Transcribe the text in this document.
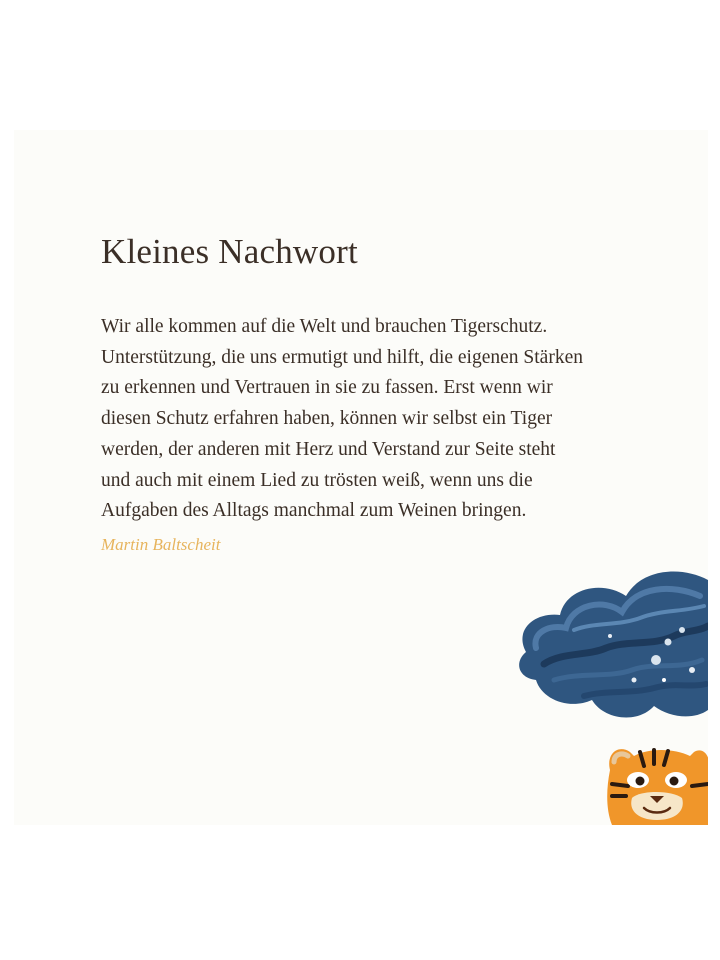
Kleines Nachwort
Wir alle kommen auf die Welt und brauchen Tigerschutz.
Unterstützung, die uns ermutigt und hilft, die eigenen Stärken
zu erkennen und Vertrauen in sie zu fassen. Erst wenn wir
diesen Schutz erfahren haben, können wir selbst ein Tiger
werden, der anderen mit Herz und Verstand zur Seite steht
und auch mit einem Lied zu trösten weiß, wenn uns die
Aufgaben des Alltags manchmal zum Weinen bringen.

Martin Baltscheit
